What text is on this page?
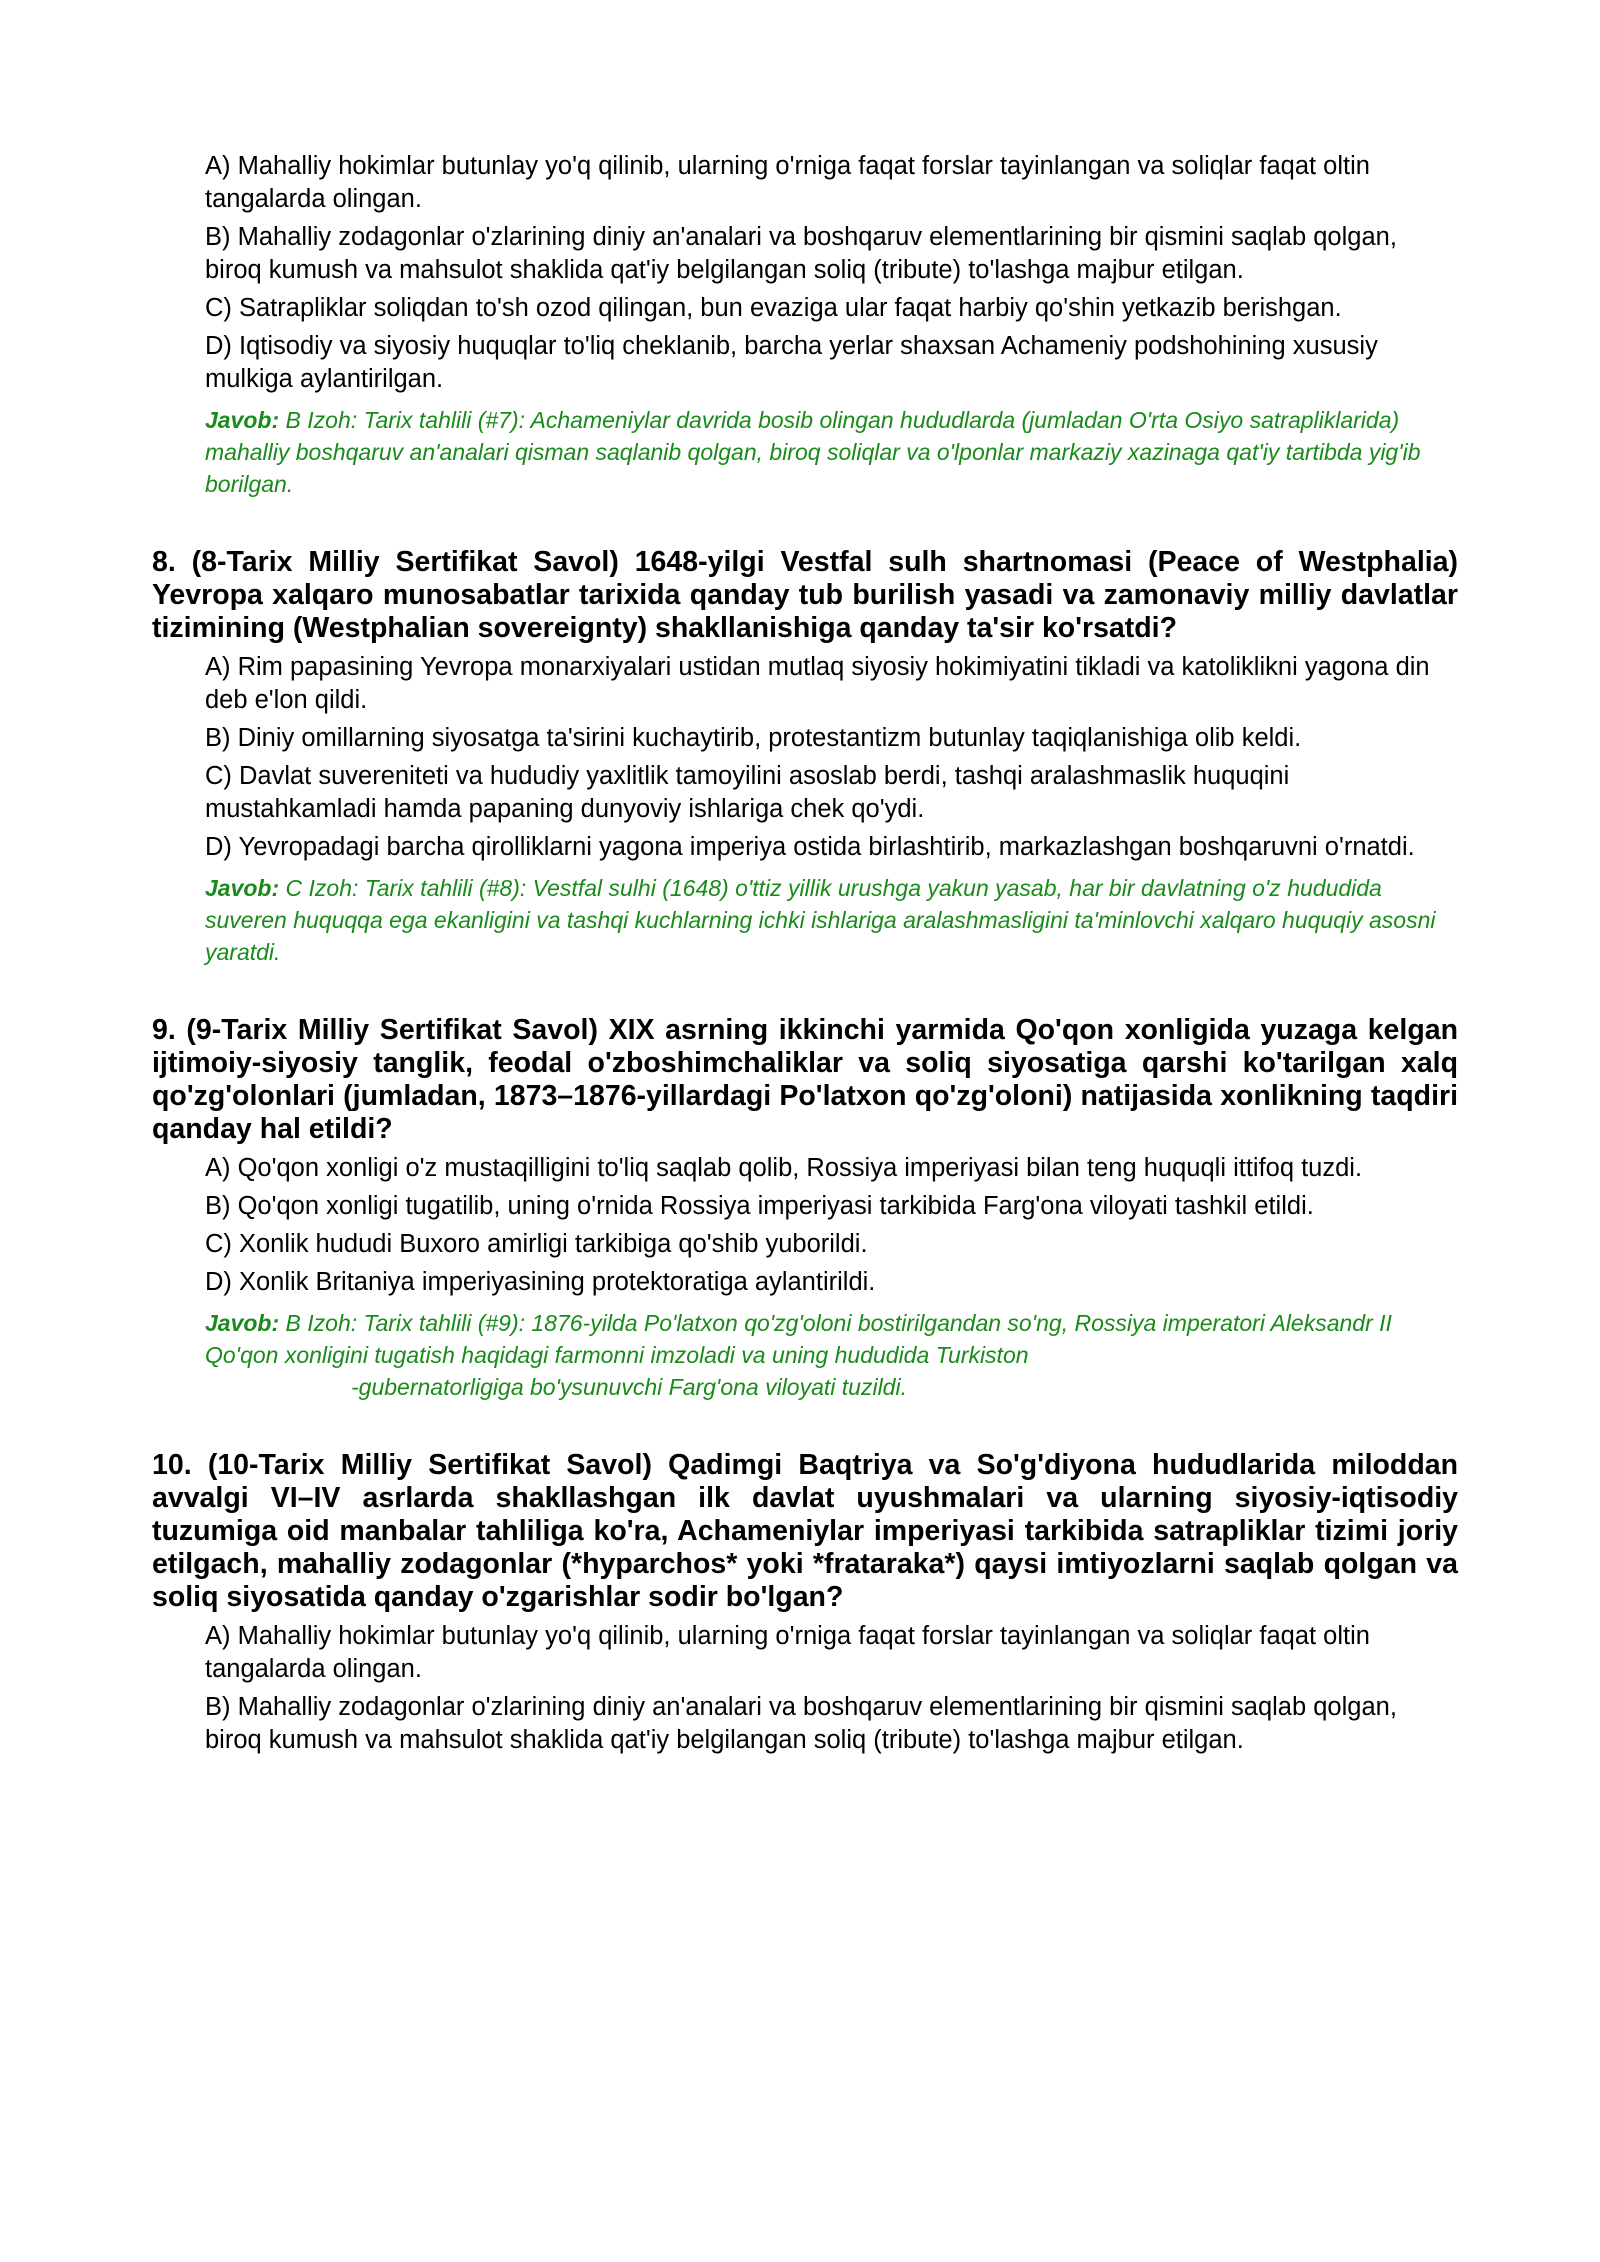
A) Mahalliy hokimlar butunlay yo'q qilinib, ularning o'rniga faqat forslar tayinlangan va soliqlar faqat oltin tangalarda olingan.

B) Mahalliy zodagonlar o'zlarining diniy an'analari va boshqaruv elementlarining bir qismini saqlab qolgan, biroq kumush va mahsulot shaklida qat'iy belgilangan soliq (tribute) to'lashga majbur etilgan.

C) Satrapliklar soliqdan to'sh ozod qilingan, bun evaziga ular faqat harbiy qo'shin yetkazib berishgan.

D) Iqtisodiy va siyosiy huquqlar to'liq cheklanib, barcha yerlar shaxsan Achameniy podshohining xususiy mulkiga aylantirilgan.

Javob: B Izoh: Tarix tahlili (#7): Achameniylar davrida bosib olingan hududlarda (jumladan O'rta Osiyo satrapliklarida) mahalliy boshqaruv an'analari qisman saqlanib qolgan, biroq soliqlar va o'lponlar markaziy xazinaga qat'iy tartibda yig'ib borilgan.
8. (8-Tarix Milliy Sertifikat Savol) 1648-yilgi Vestfal sulh shartnomasi (Peace of Westphalia) Yevropa xalqaro munosabatlar tarixida qanday tub burilish yasadi va zamonaviy milliy davlatlar tizimining (Westphalian sovereignty) shakllanishiga qanday ta'sir ko'rsatdi?

A) Rim papasining Yevropa monarxiyalari ustidan mutlaq siyosiy hokimiyatini tikladi va katoliklikni yagona din deb e'lon qildi.

B) Diniy omillarning siyosatga ta'sirini kuchaytirib, protestantizm butunlay taqiqlanishiga olib keldi.

C) Davlat suvereniteti va hududiy yaxlitlik tamoyilini asoslab berdi, tashqi aralashmaslik huquqini mustahkamladi hamda papaning dunyoviy ishlariga chek qo'ydi.

D) Yevropadagi barcha qirolliklarni yagona imperiya ostida birlashtirib, markazlashgan boshqaruvni o'rnatdi.

Javob: C Izoh: Tarix tahlili (#8): Vestfal sulhi (1648) o'ttiz yillik urushga yakun yasab, har bir davlatning o'z hududida suveren huquqqa ega ekanligini va tashqi kuchlarning ichki ishlariga aralashmasligini ta'minlovchi xalqaro huquqiy asosni yaratdi.
9. (9-Tarix Milliy Sertifikat Savol) XIX asrning ikkinchi yarmida Qo'qon xonligida yuzaga kelgan ijtimoiy-siyosiy tanglik, feodal o'zboshimchaliklar va soliq siyosatiga qarshi ko'tarilgan xalq qo'zg'olonlari (jumladan, 1873–1876-yillardagi Po'latxon qo'zg'oloni) natijasida xonlikning taqdiri qanday hal etildi?

A) Qo'qon xonligi o'z mustaqilligini to'liq saqlab qolib, Rossiya imperiyasi bilan teng huquqli ittifoq tuzdi.

B) Qo'qon xonligi tugatilib, uning o'rnida Rossiya imperiyasi tarkibida Farg'ona viloyati tashkil etildi.

C) Xonlik hududi Buxoro amirligi tarkibiga qo'shib yuborildi.

D) Xonlik Britaniya imperiyasining protektoratiga aylantirildi.

Javob: B Izoh: Tarix tahlili (#9): 1876-yilda Po'latxon qo'zg'oloni bostirilgandan so'ng, Rossiya imperatori Aleksandr II Qo'qon xonligini tugatish haqidagi farmonni imzoladi va uning hududida Turkiston
-gubernatorligiga bo'ysunuvchi Farg'ona viloyati tuzildi.
10. (10-Tarix Milliy Sertifikat Savol) Qadimgi Baqtriya va So'g'diyona hududlarida miloddan avvalgi VI–IV asrlarda shakllashgan ilk davlat uyushmalari va ularning siyosiy-iqtisodiy tuzumiga oid manbalar tahliliga ko'ra, Achameniylar imperiyasi tarkibida satrapliklar tizimi joriy etilgach, mahalliy zodagonlar (*hyparchos* yoki *frataraka*) qaysi imtiyozlarni saqlab qolgan va soliq siyosatida qanday o'zgarishlar sodir bo'lgan?

A) Mahalliy hokimlar butunlay yo'q qilinib, ularning o'rniga faqat forslar tayinlangan va soliqlar faqat oltin tangalarda olingan.

B) Mahalliy zodagonlar o'zlarining diniy an'analari va boshqaruv elementlarining bir qismini saqlab qolgan, biroq kumush va mahsulot shaklida qat'iy belgilangan soliq (tribute) to'lashga majbur etilgan.
